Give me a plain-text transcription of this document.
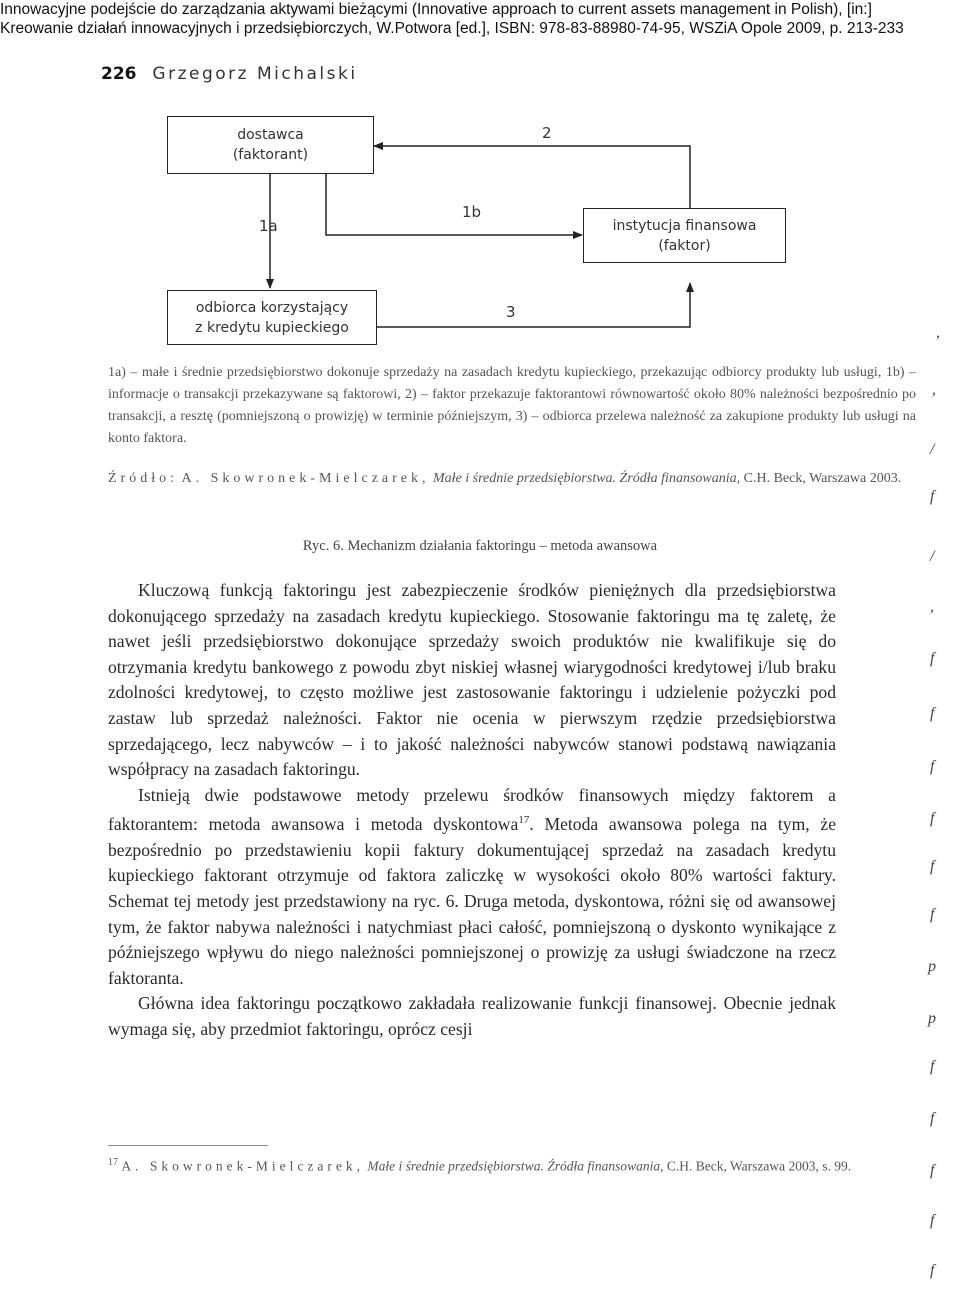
Innowacyjne podejście do zarządzania aktywami bieżącymi (Innovative approach to current assets management in Polish), [in:]
Kreowanie działań innowacyjnych i przedsiębiorczych, W.Potwora [ed.], ISBN: 978-83-88980-74-95, WSZiA Opole 2009, p. 213-233
226 Grzegorz Michalski
dostawca
(faktorant)
instytucja finansowa
(faktor)
odbiorca korzystający
z kredytu kupieckiego
2
1a
1b
3

1a) – małe i średnie przedsiębiorstwo dokonuje sprzedaży na zasadach kredytu kupieckiego, przekazując odbiorcy produkty lub usługi, 1b) – informacje o transakcji przekazywane są faktorowi, 2) – faktor przekazuje faktorantowi równowartość około 80% należności bezpośrednio po transakcji, a resztę (pomniejszoną o prowizję) w terminie późniejszym, 3) – odbiorca przelewa należność za zakupione produkty lub usługi na konto faktora.

Źródło: A. Skowronek-Mielczarek, Małe i średnie przedsiębiorstwa. Źródła finansowania, C.H. Beck, Warszawa 2003.

Ryc. 6. Mechanizm działania faktoringu – metoda awansowa

Kluczową funkcją faktoringu jest zabezpieczenie środków pieniężnych dla przedsiębiorstwa dokonującego sprzedaży na zasadach kredytu kupieckiego. Stosowanie faktoringu ma tę zaletę, że nawet jeśli przedsiębiorstwo dokonujące sprzedaży swoich produktów nie kwalifikuje się do otrzymania kredytu bankowego z powodu zbyt niskiej własnej wiarygodności kredytowej i/lub braku zdolności kredytowej, to często możliwe jest zastosowanie faktoringu i udzielenie pożyczki pod zastaw lub sprzedaż należności. Faktor nie ocenia w pierwszym rzędzie przedsiębiorstwa sprzedającego, lecz nabywców – i to jakość należności nabywców stanowi podstawą nawiązania współpracy na zasadach faktoringu.

Istnieją dwie podstawowe metody przelewu środków finansowych między faktorem a faktorantem: metoda awansowa i metoda dyskontowa$^{17}$. Metoda awansowa polega na tym, że bezpośrednio po przedstawieniu kopii faktury dokumentującej sprzedaż na zasadach kredytu kupieckiego faktorant otrzymuje od faktora zaliczkę w wysokości około 80% wartości faktury. Schemat tej metody jest przedstawiony na ryc. 6. Druga metoda, dyskontowa, różni się od awansowej tym, że faktor nabywa należności i natychmiast płaci całość, pomniejszoną o dyskonto wynikające z późniejszego wpływu do niego należności pomniejszonej o prowizję za usługi świadczone na rzecz faktoranta.

Główna idea faktoringu początkowo zakładała realizowanie funkcji finansowej. Obecnie jednak wymaga się, aby przedmiot faktoringu, oprócz cesji

$^{17}$ A. Skowronek-Mielczarek, Małe i średnie przedsiębiorstwa. Źródła finansowania, C.H. Beck, Warszawa 2003, s. 99.

,
ʼ
/
f
/
,
f
f
f
f
f
f
p
p
f
f
f
f
f
